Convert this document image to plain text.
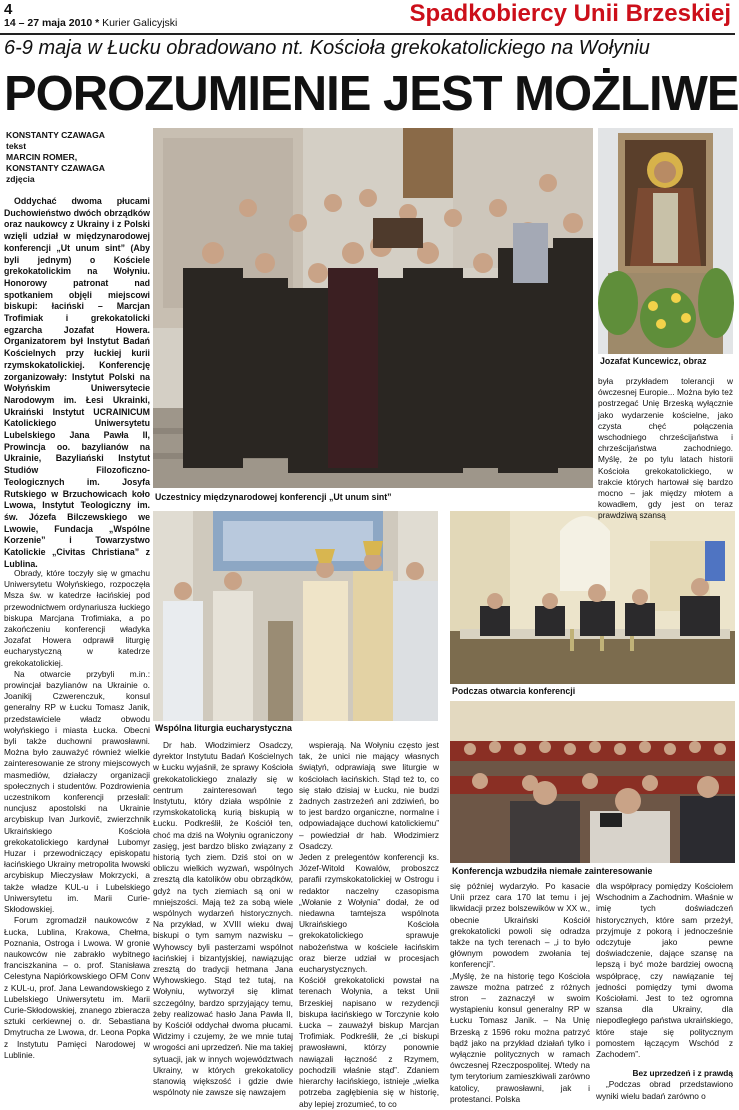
4
14 – 27 maja 2010 * Kurier Galicyjski	Spadkobiercy Unii Brzeskiej
6-9 maja w Łucku obradowano nt. Kościoła grekokatolickiego na Wołyniu
POROZUMIENIE JEST MOŻLIWE
KONSTANTY CZAWAGA
tekst
MARCIN ROMER,
KONSTANTY CZAWAGA
zdjęcia

Oddychać dwoma płucami Duchowieństwo dwóch obrządków oraz naukowcy z Ukrainy i z Polski wzięli udział w międzynarodowej konferencji „Ut unum sint” (Aby byli jednym) o Kościele grekokatolickim na Wołyniu. Honorowy patronat nad spotkaniem objęli miejscowi biskupi: łaciński – Marcjan Trofimiak i grekokatolicki egzarcha Jozafat Howera. Organizatorem był Instytut Badań Kościelnych przy łuckiej kurii rzymskokatolickiej. Konferencję zorganizowały: Instytut Polski na Wołyńskim Uniwersytecie Narodowym im. Łesi Ukrainki, Ukraiński Instytut UCRAINICUM Katolickiego Uniwersytetu Lubelskiego Jana Pawła II, Prowincja oo. bazylianów na Ukrainie, Bazyliański Instytut Studiów Filozoficzno-Teologicznych im. Josyfa Rutskiego w Brzuchowicach koło Lwowa, Instytut Teologiczny im. św. Józefa Bilczewskiego we Lwowie, Fundacja „Wspólne Korzenie” i Towarzystwo Katolickie „Civitas Christiana” z Lublina.

Obrady, które toczyły się w gmachu Uniwersytetu Wołyńskiego, rozpoczęła Msza św. w katedrze łacińskiej pod przewodnictwem ordynariusza łuckiego biskupa Marcjana Trofimiaka, a po zakończeniu konferencji władyka Jozafat Howera odprawił liturgię eucharystyczną w katedrze grekokatolickiej.

Na otwarcie przybyli m.in.: prowincjał bazylianów na Ukrainie o. Joanikij Czwerenczuk, konsul generalny RP w Łucku Tomasz Janik, przedstawiciele władz obwodu wołyńskiego i miasta Łucka. Obecni byli także duchowni prawosławni. Można było zauważyć również wielkie zainteresowanie ze strony miejscowych masmediów, działaczy organizacji społecznych i studentów. Pozdrowienia uczestnikom konferencji przesłali: nuncjusz apostolski na Ukrainie arcybiskup Ivan Jurkovič, zwierzchnik Ukraińskiego Kościoła grekokatolickiego kardynał Lubomyr Huzar i przewodniczący episkopatu łacińskiego Ukrainy metropolita lwowski arcybiskup Mieczysław Mokrzycki, a także władze KUL-u i Lubelskiego Uniwersytetu im. Marii Curie-Skłodowskiej.

Forum zgromadził naukowców z Łucka, Lublina, Krakowa, Chełma, Poznania, Ostroga i Lwowa. W gronie naukowców nie zabrakło wybitnego franciszkanina – o. prof. Stanisława Celestyna Napiórkowskiego OFM Conv z KUL-u, prof. Jana Lewandowskiego z Lubelskiego Uniwersytetu im. Marii Curie-Skłodowskiej, znanego zbieracza sztuki cerkiewnej o. dr. Sebastiana Dmytrucha ze Lwowa, dr. Leona Popka z Instytutu Pamięci Narodowej w Lublinie.

Uczestnicy międzynarodowej konferencji „Ut unum sint”
Jozafat Kuncewicz, obraz
Wspólna liturgia eucharystyczna
Podczas otwarcia konferencji
Konferencja wzbudziła niemałe zainteresowanie

Dr hab. Włodzimierz Osadczy, dyrektor Instytutu Badań Kościelnych w Łucku wyjaśnił, że sprawy Kościoła grekokatolickiego znalazły się w centrum zainteresowań tego Instytutu, który działa wspólnie z rzymskokatolicką kurią biskupią w Łucku. Podkreślił, że Kościół ten, choć ma dziś na Wołyniu ograniczony zasięg, jest bardzo blisko związany z historią tych ziem. Dziś stoi on w obliczu wielkich wyzwań, wspólnych zresztą dla katolików obu obrządków, gdyż na tych ziemiach są oni w mniejszości. Mają też za sobą wiele wspólnych wydarzeń historycznych. Na przykład, w XVIII wieku dwaj biskupi o tym samym nazwisku – Wyhowscy byli pasterzami wspólnot łacińskiej i bizantyjskiej, nawiązując zresztą do tradycji hetmana Jana Wyhowskiego. Stąd też tutaj, na Wołyniu, wytworzył się klimat szczególny, bardzo sprzyjający temu, żeby realizować hasło Jana Pawła II, by Kościół oddychał dwoma płucami. Widzimy i czujemy, że we mnie tutaj wrogości ani uprzedzeń. Nie ma takiej sytuacji, jak w innych województwach Ukrainy, w których grekokatolicy stanowią większość i gdzie dwie wspólnoty nie zawsze się nawzajem

wspierają. Na Wołyniu często jest tak, że unici nie mający własnych świątyń, odprawiają swe liturgie w kościołach łacińskich. Stąd też to, co się stało dzisiaj w Łucku, nie budzi żadnych zastrzeżeń ani zdziwień, bo to jest bardzo organiczne, normalne i odpowiadające duchowi katolickiemu” – powiedział dr hab. Włodzimierz Osadczy.
Jeden z prelegentów konferencji ks. Józef-Witold Kowalów, proboszcz parafii rzymskokatolickiej w Ostrogu i redaktor naczelny czasopisma „Wołanie z Wołynia” dodał, że od niedawna tamtejsza wspólnota Ukraińskiego Kościoła grekokatolickiego sprawuje nabożeństwa w kościele łacińskim oraz bierze udział w procesjach eucharystycznych.
Kościół grekokatolicki powstał na terenach Wołynia, a tekst Unii Brzeskiej napisano w rezydencji biskupa łacińskiego w Torczynie koło Łucka – zauważył biskup Marcjan Trofimiak. Podkreślił, że „ci biskupi prawosławni, którzy ponownie nawiązali łączność z Rzymem, pochodzili właśnie stąd”. Zdaniem hierarchy łacińskiego, istnieje „wielka potrzeba zagłębienia się w historię, aby lepiej zrozumieć, to co

była przykładem tolerancji w ówczesnej Europie... Można było też postrzegać Unię Brzeską wyłącznie jako wydarzenie kościelne, jako czysta chęć połączenia wschodniego chrześcijaństwa i chrześcijaństwa zachodniego. Myślę, że po tylu latach historii Kościoła grekokatolickiego, w trakcie których hartował się bardzo mocno – jak między młotem a kowadłem, gdy jest on teraz prawdziwą szansą

się później wydarzyło. Po kasacie Unii przez cara 170 lat temu i jej likwidacji przez bolszewików w XX w., obecnie Ukraiński Kościół grekokatolicki powoli się odradza także na tych terenach – „i to było głównym powodem zwołania tej konferencji”.
„Myślę, że na historię tego Kościoła zawsze można patrzeć z różnych stron – zaznaczył w swoim wystąpieniu konsul generalny RP w Łucku Tomasz Janik. – Na Unię Brzeską z 1596 roku można patrzyć bądź jako na przykład działań tylko i wyłącznie politycznych w ramach ówczesnej Rzeczpospolitej. Wtedy na tym terytorium zamieszkiwali zarówno katolicy, prawosławni, jak i protestanci. Polska

dla współpracy pomiędzy Kościołem Wschodnim a Zachodnim. Właśnie w imię tych doświadczeń historycznych, które sam przeżył, przyjmuje z pokorą i jednocześnie odczytuje jako pewne doświadczenie, dające szansę na lepszą i być może bardziej owocną współpracę, czy nawiązanie tej jedności pomiędzy tymi dwoma Kościołami. Jest to też ogromna szansa dla Ukrainy, dla niepodległego państwa ukraińskiego, które staje się politycznym pomostem łączącym Wschód z Zachodem”.

Bez uprzedzeń i z prawdą

„Podczas obrad przedstawiono wyniki wielu badań zarówno o
